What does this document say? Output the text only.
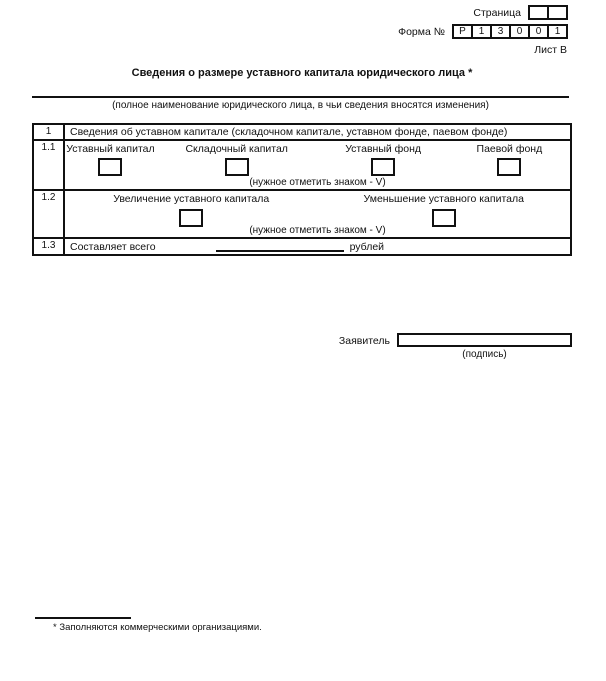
Страница
Форма №	Р	1	3	0	0	1
Лист В
Сведения о размере уставного капитала юридического лица *
(полное наименование юридического лица, в чьи сведения вносятся изменения)
1	Сведения об уставном капитале (складочном капитале, уставном фонде, паевом фонде)
1.1	Уставный капитал	Складочный капитал	Уставный фонд	Паевой фонд
(нужное отметить знаком - V)
1.2	Увеличение уставного капитала	Уменьшение уставного капитала
(нужное отметить знаком - V)
1.3	Составляет всего	рублей
Заявитель
(подпись)
* Заполняются коммерческими организациями.
